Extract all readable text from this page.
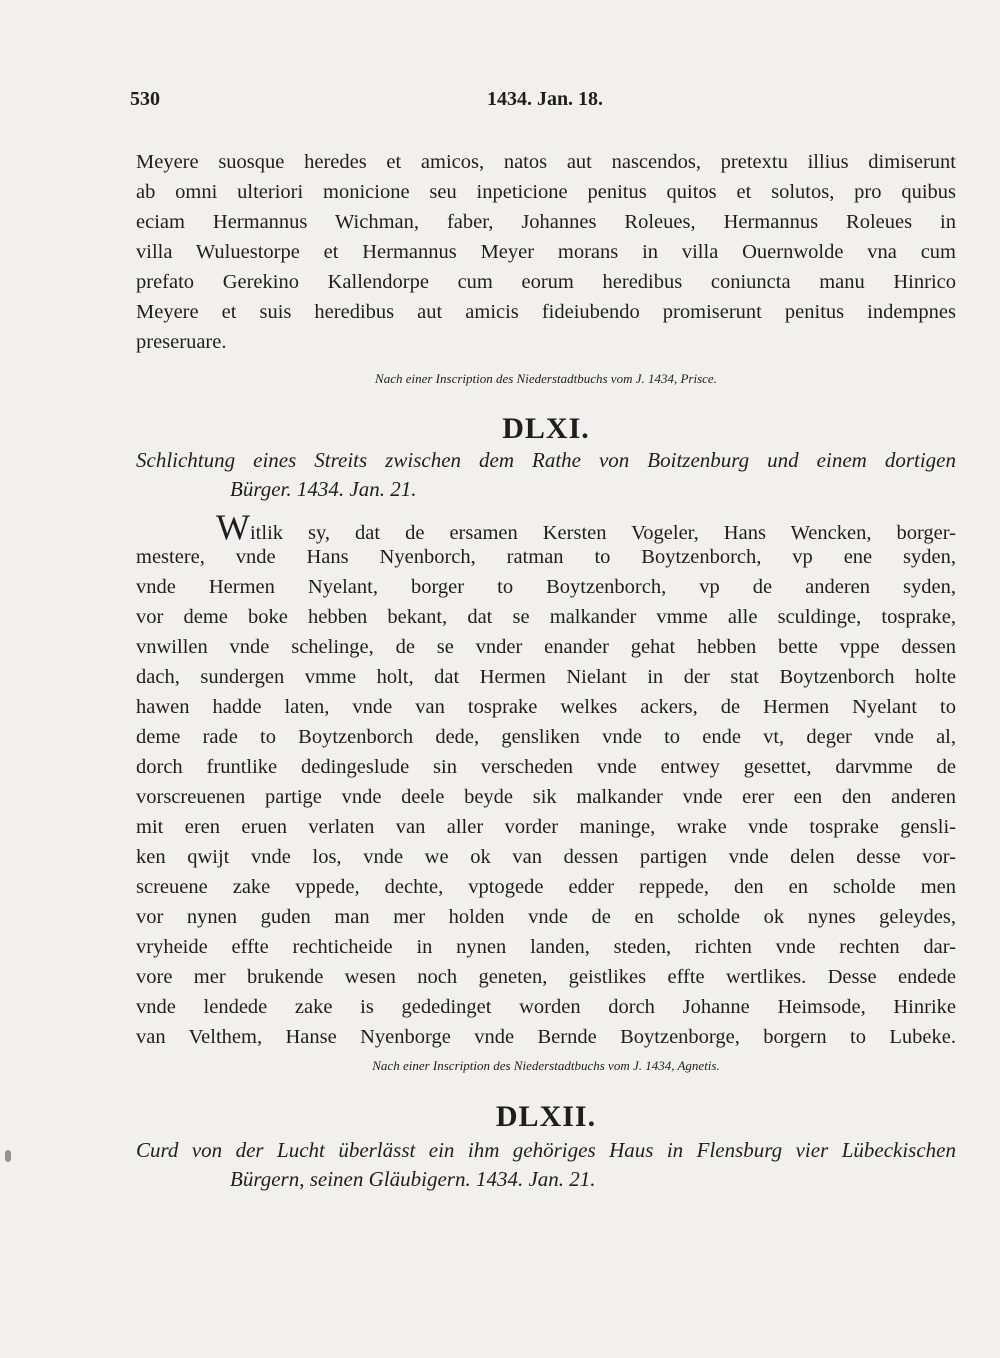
530	1434. Jan. 18.
Meyere suosque heredes et amicos, natos aut nascendos, pretextu illius dimiserunt
ab omni ulteriori monicione seu inpeticione penitus quitos et solutos, pro quibus
eciam Hermannus Wichman, faber, Johannes Roleues, Hermannus Roleues in
villa Wuluestorpe et Hermannus Meyer morans in villa Ouernwolde vna cum
prefato Gerekino Kallendorpe cum eorum heredibus coniuncta manu Hinrico
Meyere et suis heredibus aut amicis fideiubendo promiserunt penitus indempnes
preseruare.
Nach einer Inscription des Niederstadtbuchs vom J. 1434, Prisce.
DLXI.
Schlichtung eines Streits zwischen dem Rathe von Boitzenburg und einem dortigen
Bürger. 1434. Jan. 21.
Witlik sy, dat de ersamen Kersten Vogeler, Hans Wencken, borger-
mestere, vnde Hans Nyenborch, ratman to Boytzenborch, vp ene syden,
vnde Hermen Nyelant, borger to Boytzenborch, vp de anderen syden,
vor deme boke hebben bekant, dat se malkander vmme alle sculdinge, tosprake,
vnwillen vnde schelinge, de se vnder enander gehat hebben bette vppe dessen
dach, sundergen vmme holt, dat Hermen Nielant in der stat Boytzenborch holte
hawen hadde laten, vnde van tosprake welkes ackers, de Hermen Nyelant to
deme rade to Boytzenborch dede, gensliken vnde to ende vt, deger vnde al,
dorch fruntlike dedingeslude sin verscheden vnde entwey gesettet, darvmme de
vorscreuenen partige vnde deele beyde sik malkander vnde erer een den anderen
mit eren eruen verlaten van aller vorder maninge, wrake vnde tosprake gensli-
ken qwijt vnde los, vnde we ok van dessen partigen vnde delen desse vor-
screuene zake vppede, dechte, vptogede edder reppede, den en scholde men
vor nynen guden man mer holden vnde de en scholde ok nynes geleydes,
vryheide effte rechticheide in nynen landen, steden, richten vnde rechten dar-
vore mer brukende wesen noch geneten, geistlikes effte wertlikes. Desse endede
vnde lendede zake is gededinget worden dorch Johanne Heimsode, Hinrike
van Velthem, Hanse Nyenborge vnde Bernde Boytzenborge, borgern to Lubeke.
Nach einer Inscription des Niederstadtbuchs vom J. 1434, Agnetis.
DLXII.
Curd von der Lucht überlässt ein ihm gehöriges Haus in Flensburg vier Lübeckischen
Bürgern, seinen Gläubigern. 1434. Jan. 21.
